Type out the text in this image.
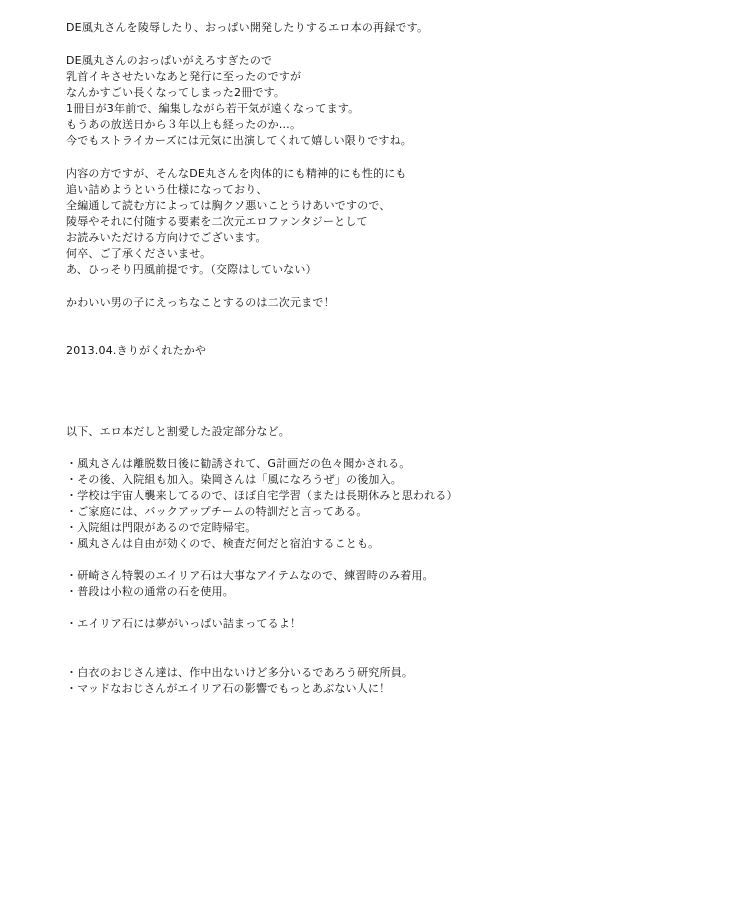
DE風丸さんを陵辱したり、おっぱい開発したりするエロ本の再録です。
DE風丸さんのおっぱいがえろすぎたので
乳首イキさせたいなあと発行に至ったのですが
なんかすごい長くなってしまった2冊です。
1冊目が3年前で、編集しながら若干気が遠くなってます。
もうあの放送日から３年以上も経ったのか…。
今でもストライカーズには元気に出演してくれて嬉しい限りですね。
内容の方ですが、そんなDE丸さんを肉体的にも精神的にも性的にも
追い詰めようという仕様になっており、
全編通して読む方によっては胸クソ悪いことうけあいですので、
陵辱やそれに付随する要素を二次元エロファンタジーとして
お読みいただける方向けでございます。
何卒、ご了承くださいませ。
あ、ひっそり円風前提です。（交際はしていない）
かわいい男の子にえっちなことするのは二次元まで！
2013.04.きりがくれたかや
以下、エロ本だしと割愛した設定部分など。
・風丸さんは離脱数日後に勧誘されて、G計画だの色々聞かされる。
・その後、入院組も加入。染岡さんは「風になろうぜ」の後加入。
・学校は宇宙人襲来してるので、ほぼ自宅学習（または長期休みと思われる）
・ご家庭には、バックアップチームの特訓だと言ってある。
・入院組は門限があるので定時帰宅。
・風丸さんは自由が効くので、検査だ何だと宿泊することも。
・研崎さん特製のエイリア石は大事なアイテムなので、練習時のみ着用。
・普段は小粒の通常の石を使用。
・エイリア石には夢がいっぱい詰まってるよ！
・白衣のおじさん達は、作中出ないけど多分いるであろう研究所員。
・マッドなおじさんがエイリア石の影響でもっとあぶない人に！
